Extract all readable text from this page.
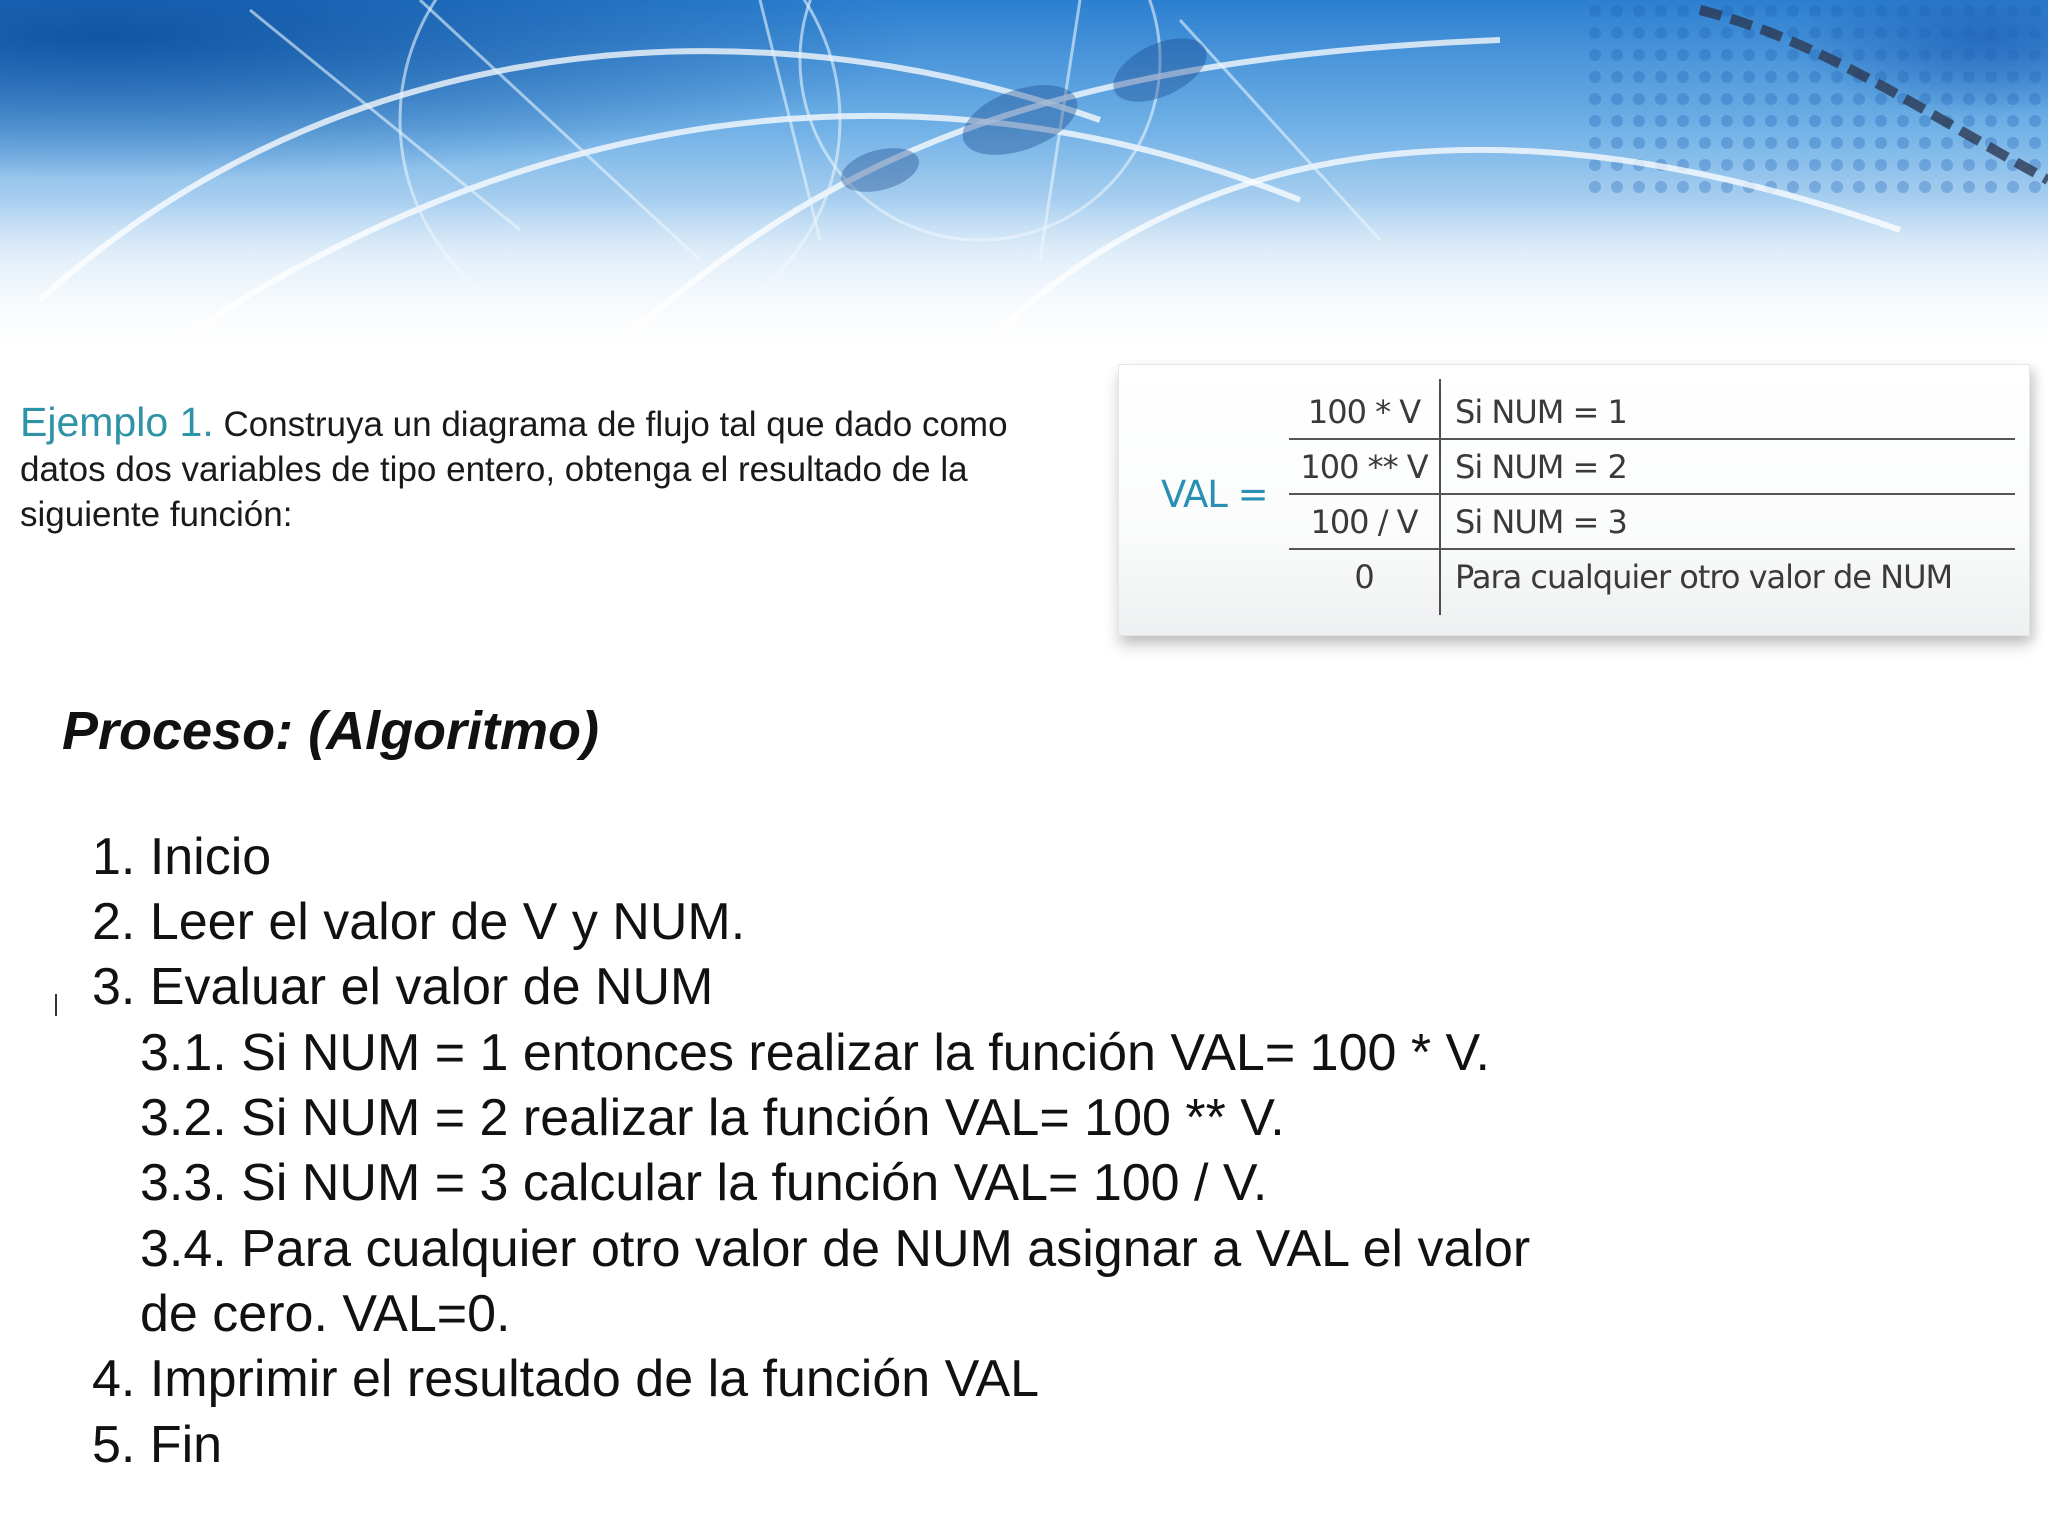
Ejemplo 1. Construya un diagrama de flujo tal que dado como datos dos variables de tipo entero, obtenga el resultado de la siguiente función:	VAL =
100 * V	Si NUM = 1
100 ** V Si NUM = 2
100 / V	Si NUM = 3
0	Para cualquier otro valor de NUM
Proceso: (Algoritmo)
1. Inicio
2. Leer el valor de V y NUM.
3. Evaluar el valor de NUM
3.1. Si NUM = 1 entonces realizar la función VAL= 100 * V.
3.2. Si NUM = 2 realizar la función VAL= 100 ** V.
3.3. Si NUM = 3 calcular la función VAL= 100 / V.
3.4. Para cualquier otro valor de NUM asignar a VAL el valor
de cero. VAL=0.
4. Imprimir el resultado de la función VAL
5. Fin
